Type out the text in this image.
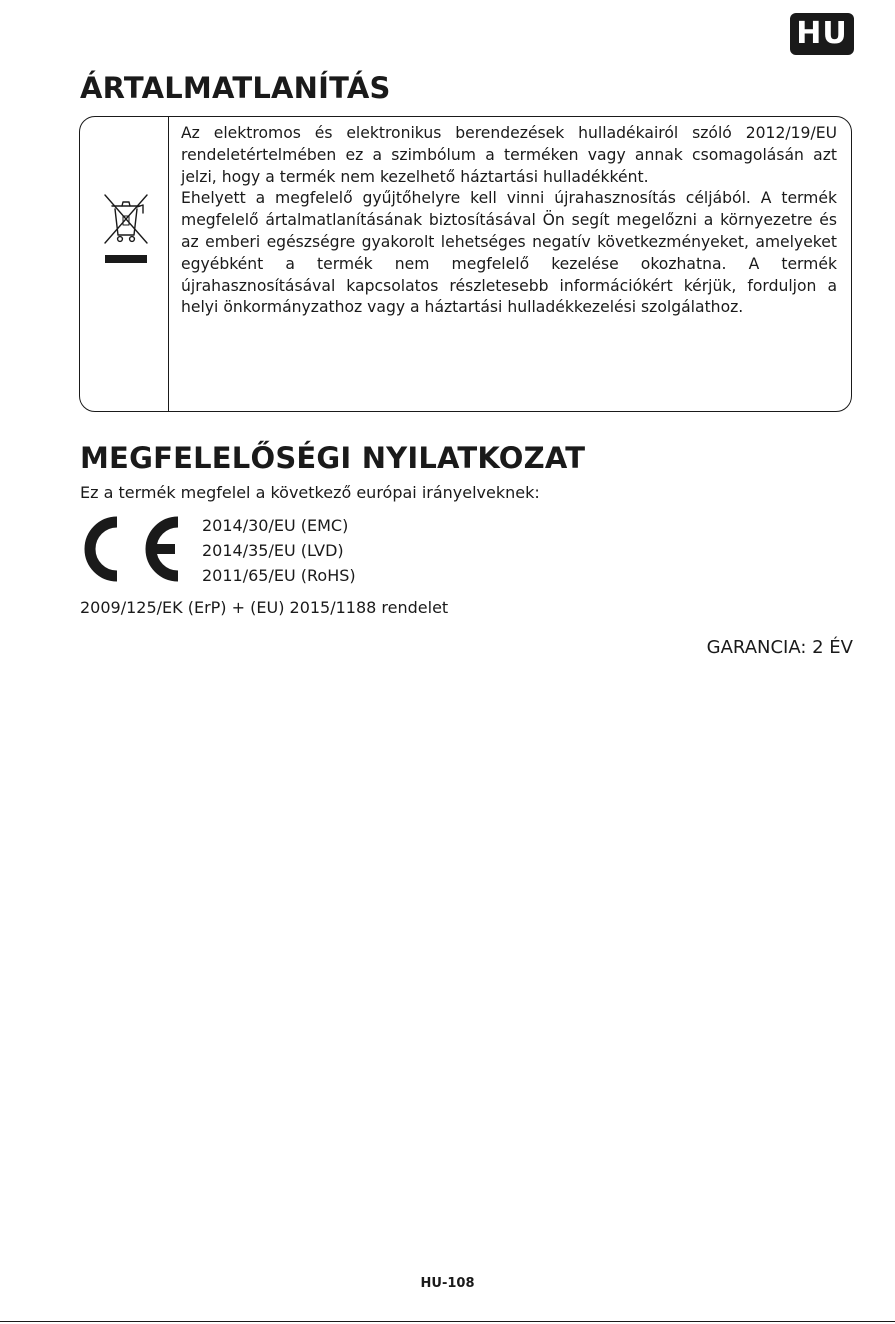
HU
ÁRTALMATLANÍTÁS

Az elektromos és elektronikus berendezések hulladékairól szóló 2012/19/EU rendeletértelmében ez a szimbólum a terméken vagy annak csomagolásán azt jelzi, hogy a termék nem kezelhető háztartási hulladékként.

Ehelyett a megfelelő gyűjtőhelyre kell vinni újrahasznosítás céljából. A termék megfelelő ártalmatlanításának biztosításával Ön segít megelőzni a környezetre és az emberi egészségre gyakorolt lehetséges negatív következményeket, amelyeket egyébként a termék nem megfelelő kezelése okozhatna. A termék újrahasznosításával kapcsolatos részletesebb információkért kérjük, forduljon a helyi önkormányzathoz vagy a háztartási hulladékkezelési szolgálathoz.

MEGFELELŐSÉGI NYILATKOZAT
Ez a termék megfelel a következő európai irányelveknek:
2014/30/EU (EMC)
2014/35/EU (LVD)
2011/65/EU (RoHS)
2009/125/EK (ErP) + (EU) 2015/1188 rendelet
GARANCIA: 2 ÉV
HU-108
